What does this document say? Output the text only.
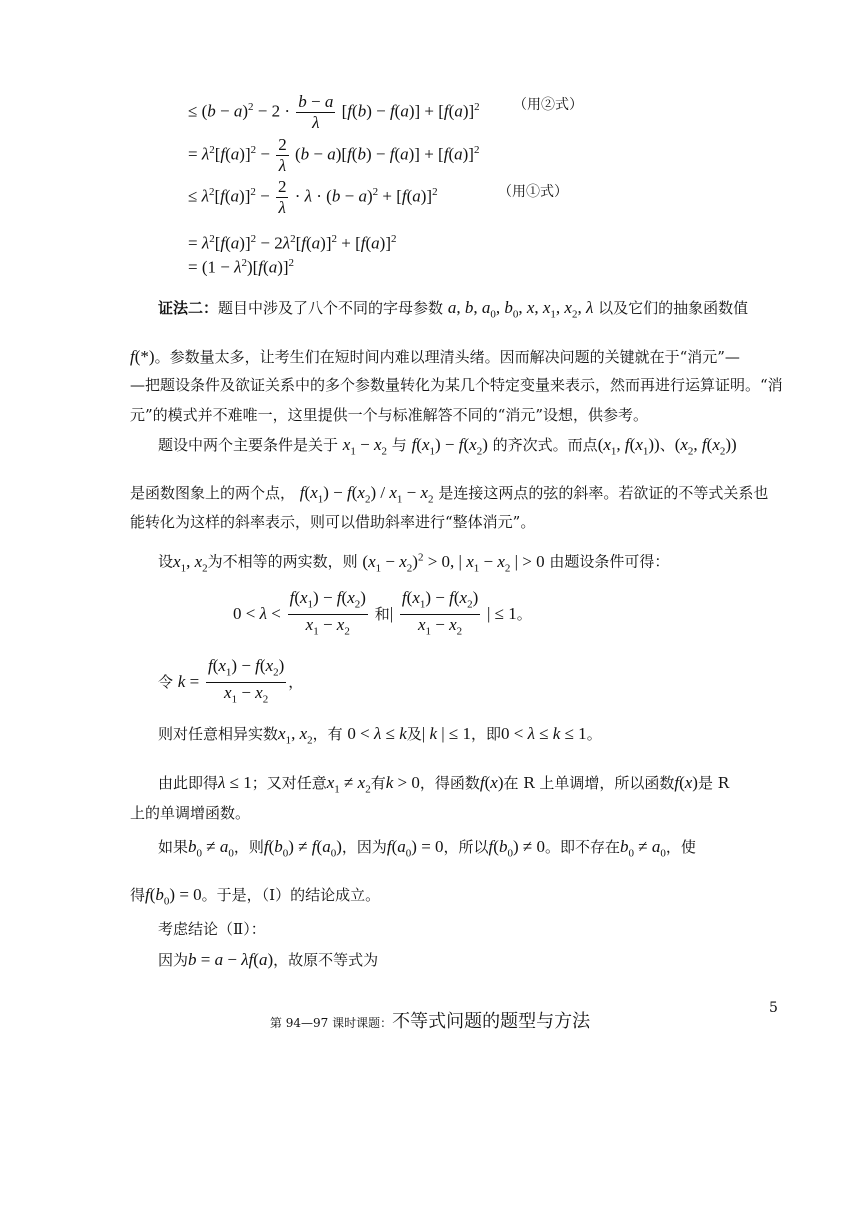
≤ $(b - a)^2 - 2 \cdot \frac{b - a}{\lambda} [f(b) - f(a)] + [f(a)]^2$ （用②式）
= $\lambda^2[f(a)]^2 - \frac{2}{\lambda} (b - a)[f(b) - f(a)] + [f(a)]^2$
≤ $\lambda^2[f(a)]^2 - \frac{2}{\lambda} \cdot \lambda \cdot (b - a)^2 + [f(a)]^2$	（用①式）
= $\lambda^2[f(a)]^2 - 2\lambda^2[f(a)]^2 + [f(a)]^2$
= $(1 - \lambda^2)[f(a)]^2$
证法二：题目中涉及了八个不同的字母参数 a, b, $a_0$, $b_0$, x, $x_1$, $x_2$, λ 以及它们的抽象函数值
f(*)。参数量太多，让考生们在短时间内难以理清头绪。因而解决问题的关键就在于“消元”—
—把题设条件及欲证关系中的多个参数量转化为某几个特定变量来表示，然而再进行运算证明。“消
元”的模式并不难唯一，这里提供一个与标准解答不同的“消元”设想，供参考。
题设中两个主要条件是关于 $x_1 - x_2$ 与 $f(x_1) - f(x_2)$ 的齐次式。而点($x_1$, $f(x_1)$)、($x_2$, $f(x_2)$)
是函数图象上的两个点， $f(x_1) - f(x_2) / x_1 - x_2$ 是连接这两点的弦的斜率。若欲证的不等式关系也
能转化为这样的斜率表示，则可以借助斜率进行“整体消元”。
设$x_1$, $x_2$为不相等的两实数，则 $(x_1 - x_2)^2 > 0$, | $x_1 - x_2$ | > 0 由题设条件可得：
$0 < \lambda < \frac{f(x_1) - f(x_2)}{x_1 - x_2}$ 和| $\frac{f(x_1) - f(x_2)}{x_1 - x_2}$ | ≤ 1。
令 $k = \frac{f(x_1) - f(x_2)}{x_1 - x_2}$ ，
则对任意相异实数$x_1$, $x_2$，有 0 < λ ≤ k及| k | ≤ 1，即0 < λ ≤ k ≤ 1。
由此即得λ ≤ 1；又对任意$x_1 \ne x_2$有k > 0，得函数f(x)在 R 上单调增，所以函数f(x)是 R
上的单调增函数。
如果$b_0 \ne a_0$，则$f(b_0) \ne f(a_0)$，因为$f(a_0) = 0$，所以$f(b_0) \ne 0$。即不存在$b_0 \ne a_0$，使
得$f(b_0) = 0$。于是，（Ⅰ）的结论成立。
考虑结论（Ⅱ）：
因为b = a − λf(a)，故原不等式为
5
第 94—97 课时课题：不等式问题的题型与方法
